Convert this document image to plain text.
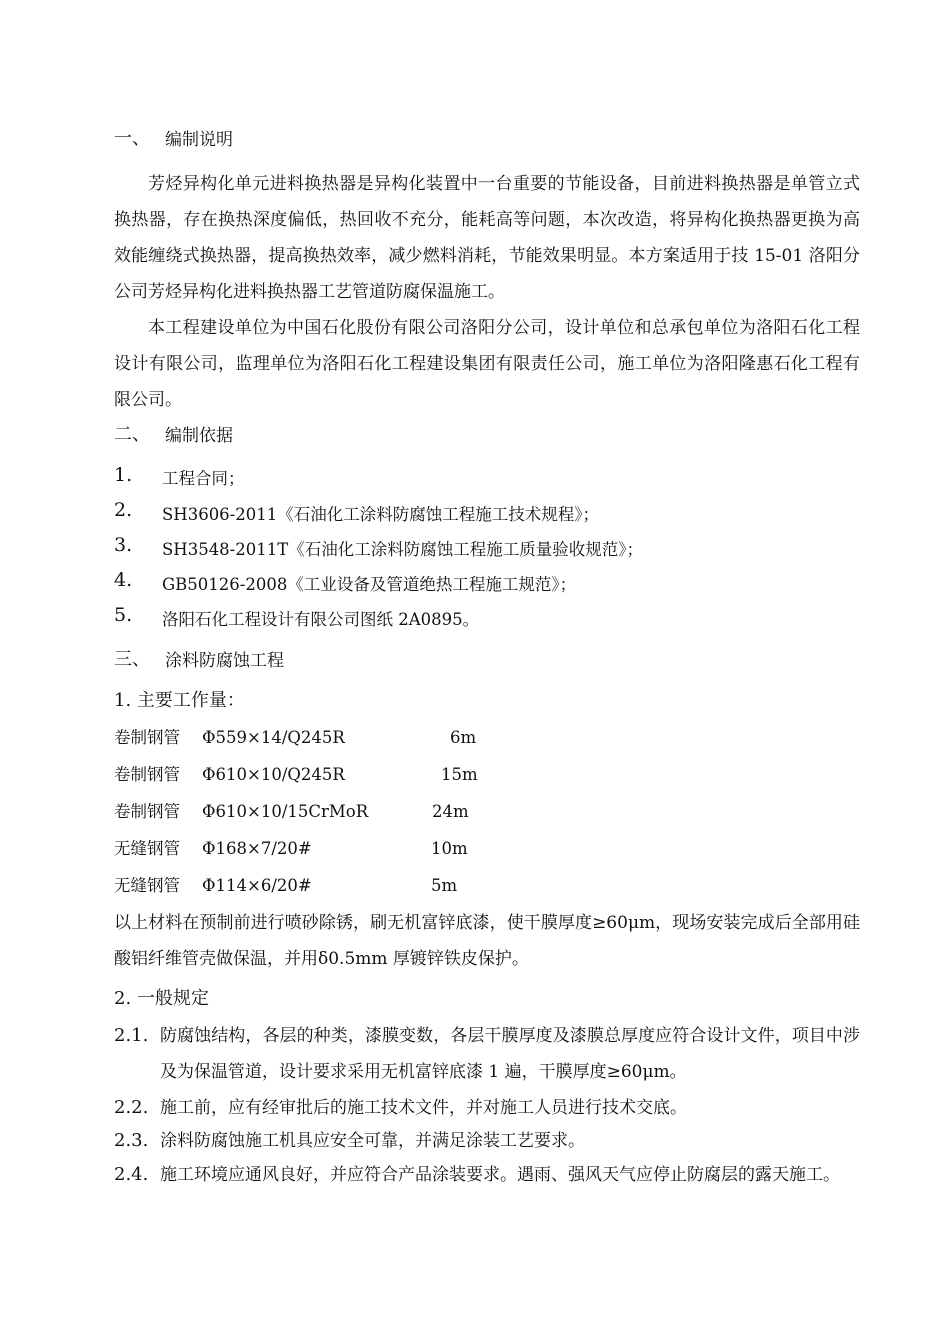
一、 编制说明
芳烃异构化单元进料换热器是异构化装置中一台重要的节能设备，目前进料换热器是单管立式换热器，存在换热深度偏低，热回收不充分，能耗高等问题，本次改造，将异构化换热器更换为高效能缠绕式换热器，提高换热效率，减少燃料消耗，节能效果明显。本方案适用于技 15-01 洛阳分公司芳烃异构化进料换热器工艺管道防腐保温施工。
本工程建设单位为中国石化股份有限公司洛阳分公司，设计单位和总承包单位为洛阳石化工程设计有限公司，监理单位为洛阳石化工程建设集团有限责任公司，施工单位为洛阳隆惠石化工程有限公司。
二、 编制依据
1. 工程合同；
2. SH3606-2011《石油化工涂料防腐蚀工程施工技术规程》；
3. SH3548-2011T《石油化工涂料防腐蚀工程施工质量验收规范》；
4. GB50126-2008《工业设备及管道绝热工程施工规范》；
5. 洛阳石化工程设计有限公司图纸 2A0895。
三、 涂料防腐蚀工程
1. 主要工作量：
卷制钢管 Φ559×14/Q245R	6m
卷制钢管 Φ610×10/Q245R	15m
卷制钢管 Φ610×10/15CrMoR	24m
无缝钢管 Φ168×7/20#	10m
无缝钢管 Φ114×6/20#	5m
以上材料在预制前进行喷砂除锈，刷无机富锌底漆，使干膜厚度≥60μm，现场安装完成后全部用硅酸铝纤维管壳做保温，并用δ0.5mm 厚镀锌铁皮保护。
2. 一般规定
2.1. 防腐蚀结构，各层的种类，漆膜变数，各层干膜厚度及漆膜总厚度应符合设计文件，项目中涉及为保温管道，设计要求采用无机富锌底漆 1 遍，干膜厚度≥60μm。
2.2. 施工前，应有经审批后的施工技术文件，并对施工人员进行技术交底。
2.3. 涂料防腐蚀施工机具应安全可靠，并满足涂装工艺要求。
2.4. 施工环境应通风良好，并应符合产品涂装要求。遇雨、强风天气应停止防腐层的露天施工。
